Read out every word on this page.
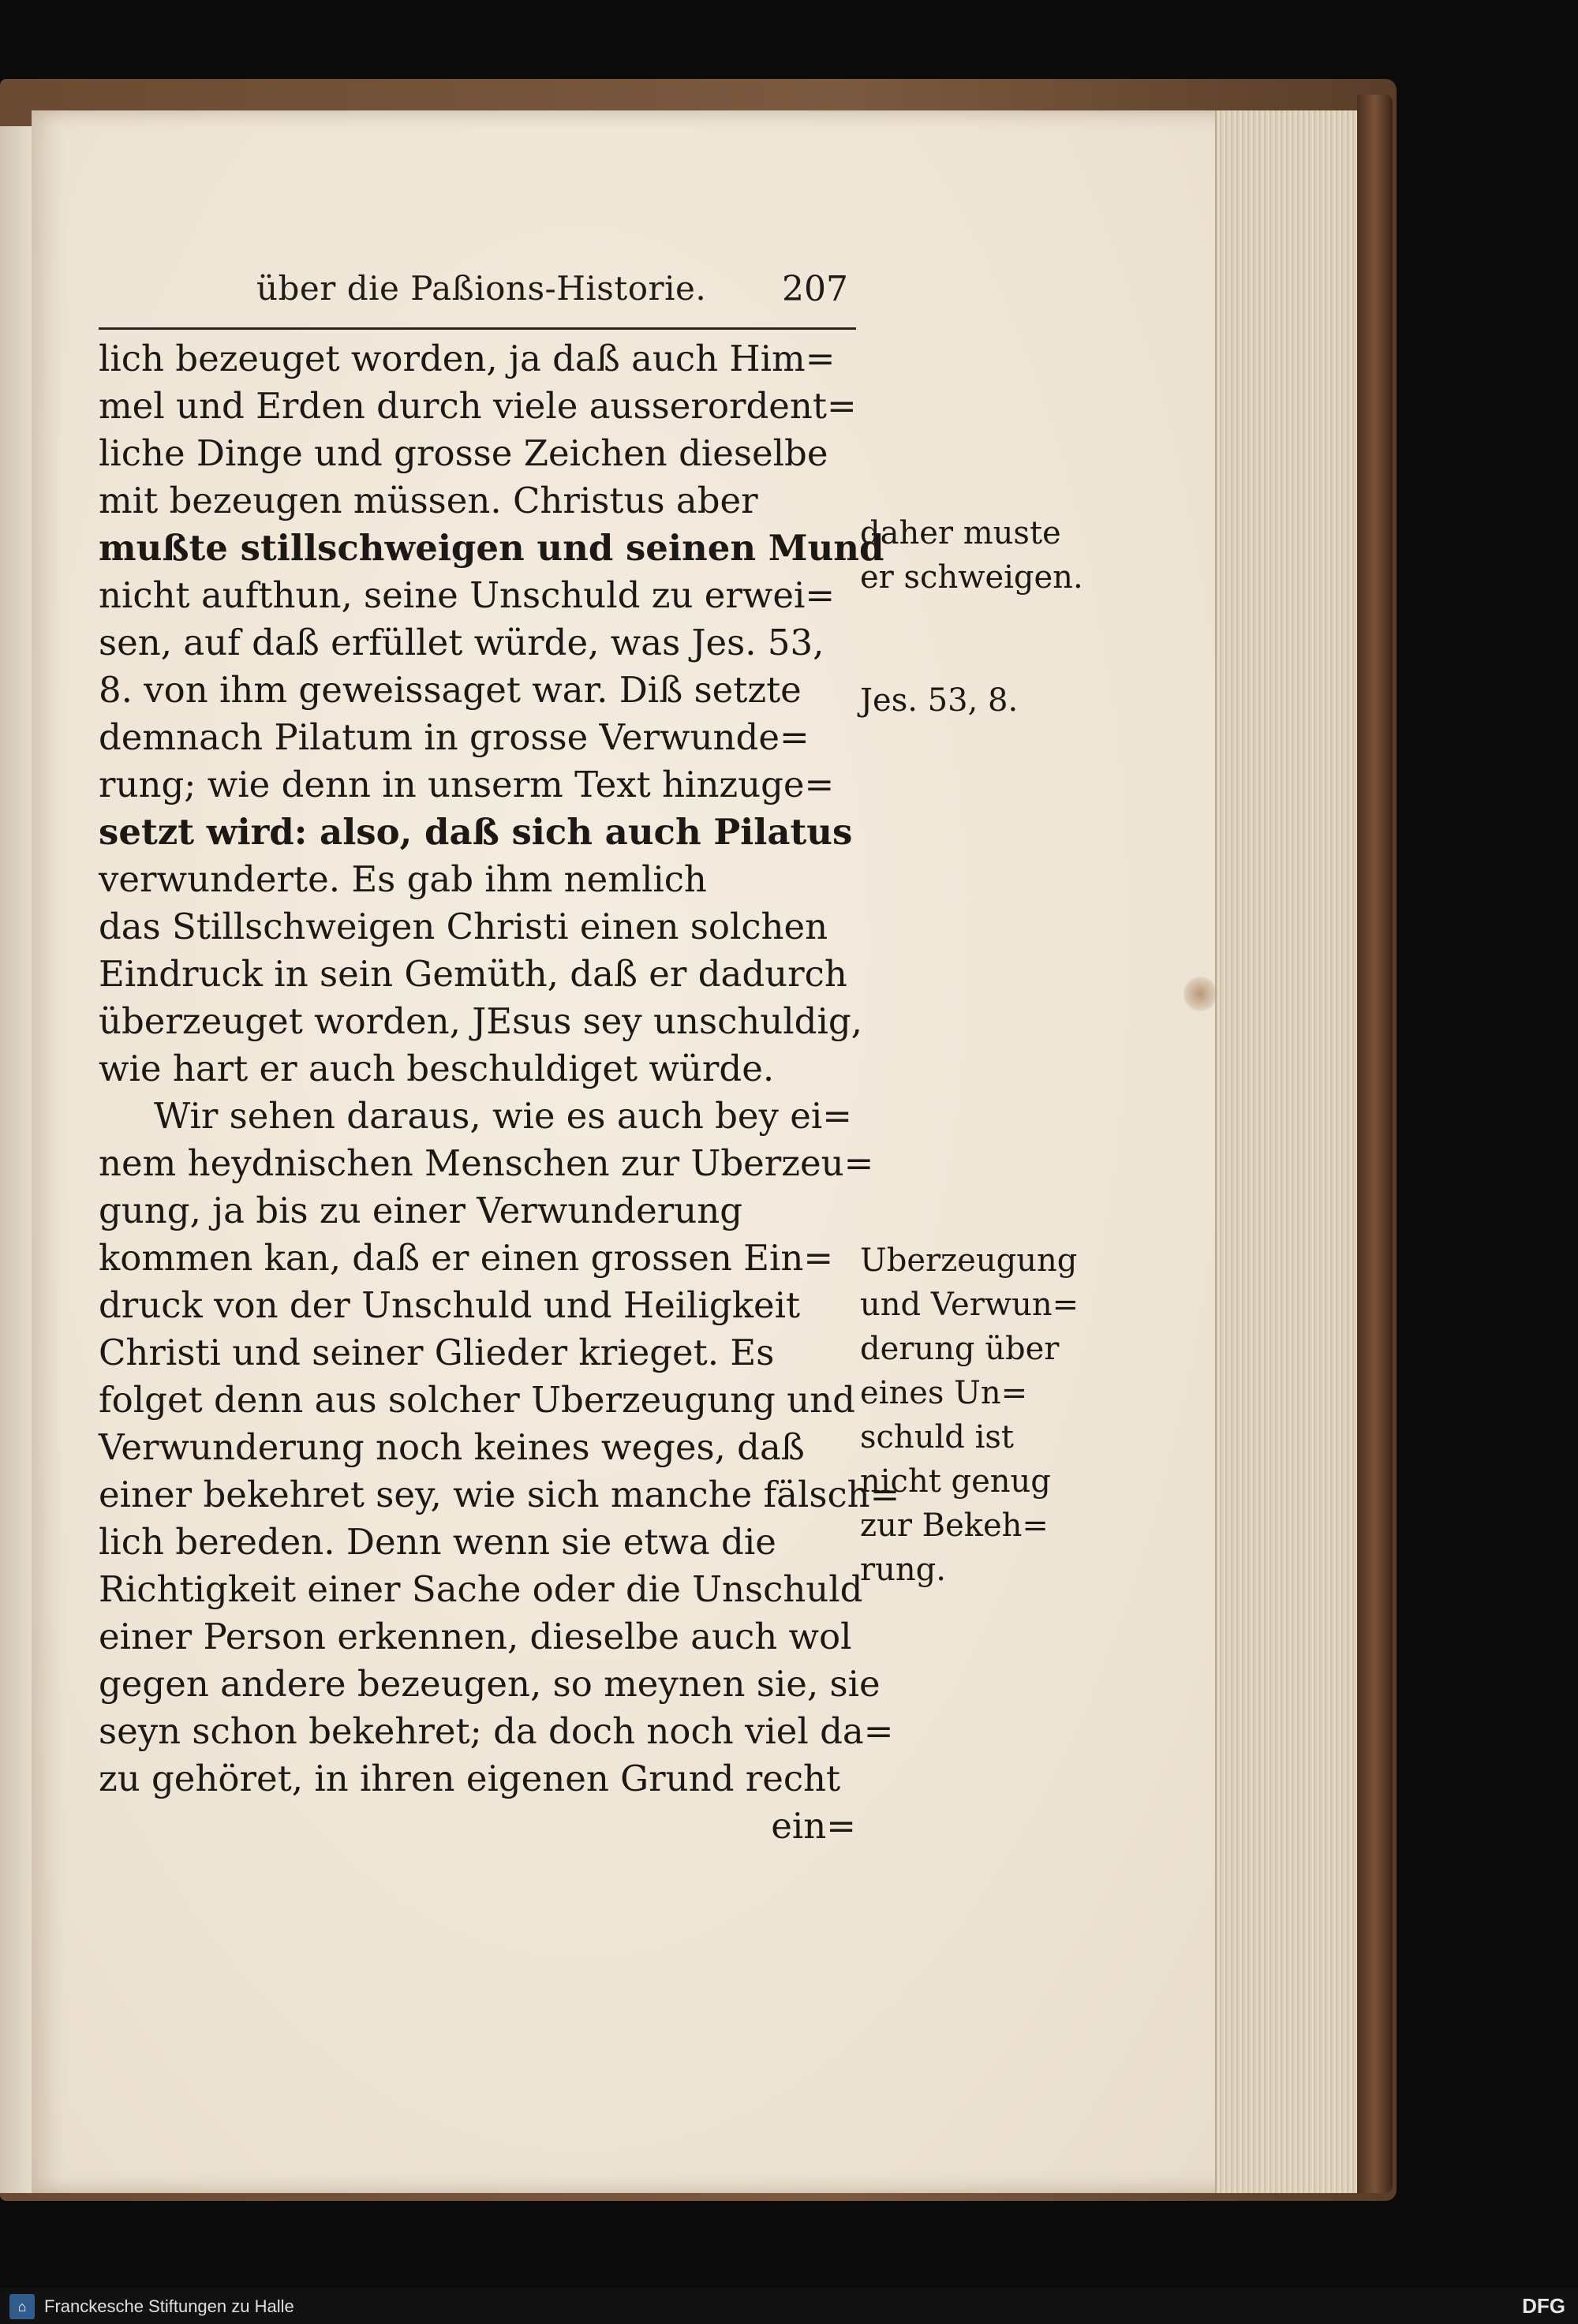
über die Paßions-Historie. 207
lich bezeuget worden, ja daß auch Him=
mel und Erden durch viele ausserordent=
liche Dinge und grosse Zeichen dieselbe
mit bezeugen müssen. Christus aber
mußte stillschweigen und seinen Mund
nicht aufthun, seine Unschuld zu erwei=
sen, auf daß erfüllet würde, was Jes. 53,
8. von ihm geweissaget war. Diß setzte
demnach Pilatum in grosse Verwunde=
rung; wie denn in unserm Text hinzuge=
setzt wird: also, daß sich auch Pilatus
verwunderte. Es gab ihm nemlich
das Stillschweigen Christi einen solchen
Eindruck in sein Gemüth, daß er dadurch
überzeuget worden, JEsus sey unschuldig,
wie hart er auch beschuldiget würde.
Wir sehen daraus, wie es auch bey ei=
nem heydnischen Menschen zur Uberzeu=
gung, ja bis zu einer Verwunderung
kommen kan, daß er einen grossen Ein=
druck von der Unschuld und Heiligkeit
Christi und seiner Glieder krieget. Es
folget denn aus solcher Uberzeugung und
Verwunderung noch keines weges, daß
einer bekehret sey, wie sich manche fälsch=
lich bereden. Denn wenn sie etwa die
Richtigkeit einer Sache oder die Unschuld
einer Person erkennen, dieselbe auch wol
gegen andere bezeugen, so meynen sie, sie
seyn schon bekehret; da doch noch viel da=
zu gehöret, in ihren eigenen Grund recht
ein=
daher muste
er schweigen.
Jes. 53, 8.
Uberzeugung
und Verwun=
derung über
eines Un=
schuld ist
nicht genug
zur Bekeh=
rung.
⌂	Franckesche Stiftungen zu Halle	DFG
